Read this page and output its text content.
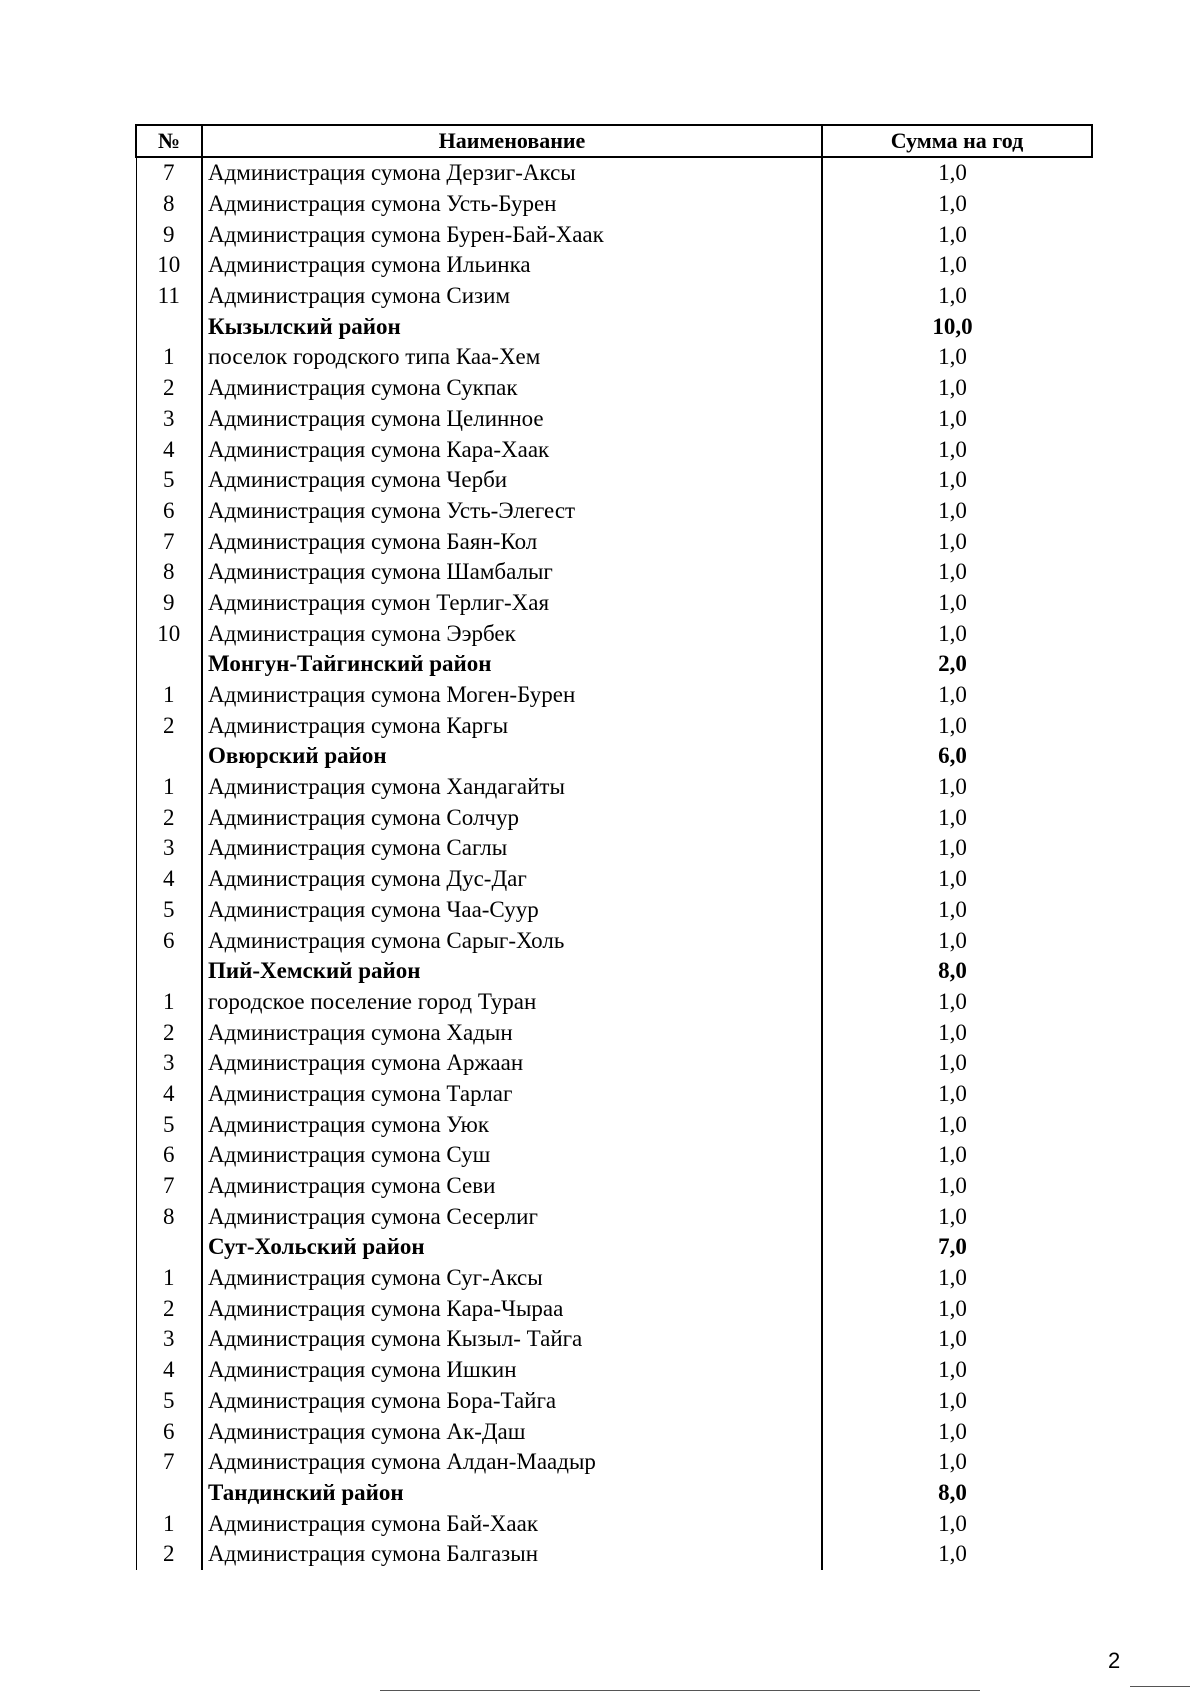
№	Наименование	Сумма на год
7	Администрация сумона Дерзиг-Аксы	1,0
8	Администрация сумона Усть-Бурен	1,0
9	Администрация сумона Бурен-Бай-Хаак	1,0
10	Администрация сумона Ильинка	1,0
11	Администрация сумона Сизим	1,0
	Кызылский район	10,0
1	поселок городского типа Каа-Хем	1,0
2	Администрация сумона Сукпак	1,0
3	Администрация сумона Целинное	1,0
4	Администрация сумона Кара-Хаак	1,0
5	Администрация сумона Черби	1,0
6	Администрация сумона Усть-Элегест	1,0
7	Администрация сумона Баян-Кол	1,0
8	Администрация сумона Шамбалыг	1,0
9	Администрация сумон Терлиг-Хая	1,0
10	Администрация сумона Ээрбек	1,0
	Монгун-Тайгинский район	2,0
1	Администрация сумона Моген-Бурен	1,0
2	Администрация сумона Каргы	1,0
	Овюрский район	6,0
1	Администрация сумона Хандагайты	1,0
2	Администрация сумона Солчур	1,0
3	Администрация сумона Саглы	1,0
4	Администрация сумона Дус-Даг	1,0
5	Администрация сумона Чаа-Суур	1,0
6	Администрация сумона Сарыг-Холь	1,0
	Пий-Хемский район	8,0
1	городское поселение город Туран	1,0
2	Администрация сумона Хадын	1,0
3	Администрация сумона Аржаан	1,0
4	Администрация сумона Тарлаг	1,0
5	Администрация сумона Уюк	1,0
6	Администрация сумона Суш	1,0
7	Администрация сумона Севи	1,0
8	Администрация сумона Сесерлиг	1,0
	Сут-Хольский район	7,0
1	Администрация сумона Суг-Аксы	1,0
2	Администрация сумона Кара-Чыраа	1,0
3	Администрация сумона Кызыл- Тайга	1,0
4	Администрация сумона Ишкин	1,0
5	Администрация сумона Бора-Тайга	1,0
6	Администрация сумона Ак-Даш	1,0
7	Администрация сумона Алдан-Маадыр	1,0
	Тандинский район	8,0
1	Администрация сумона Бай-Хаак	1,0
2	Администрация сумона Балгазын	1,0
2
